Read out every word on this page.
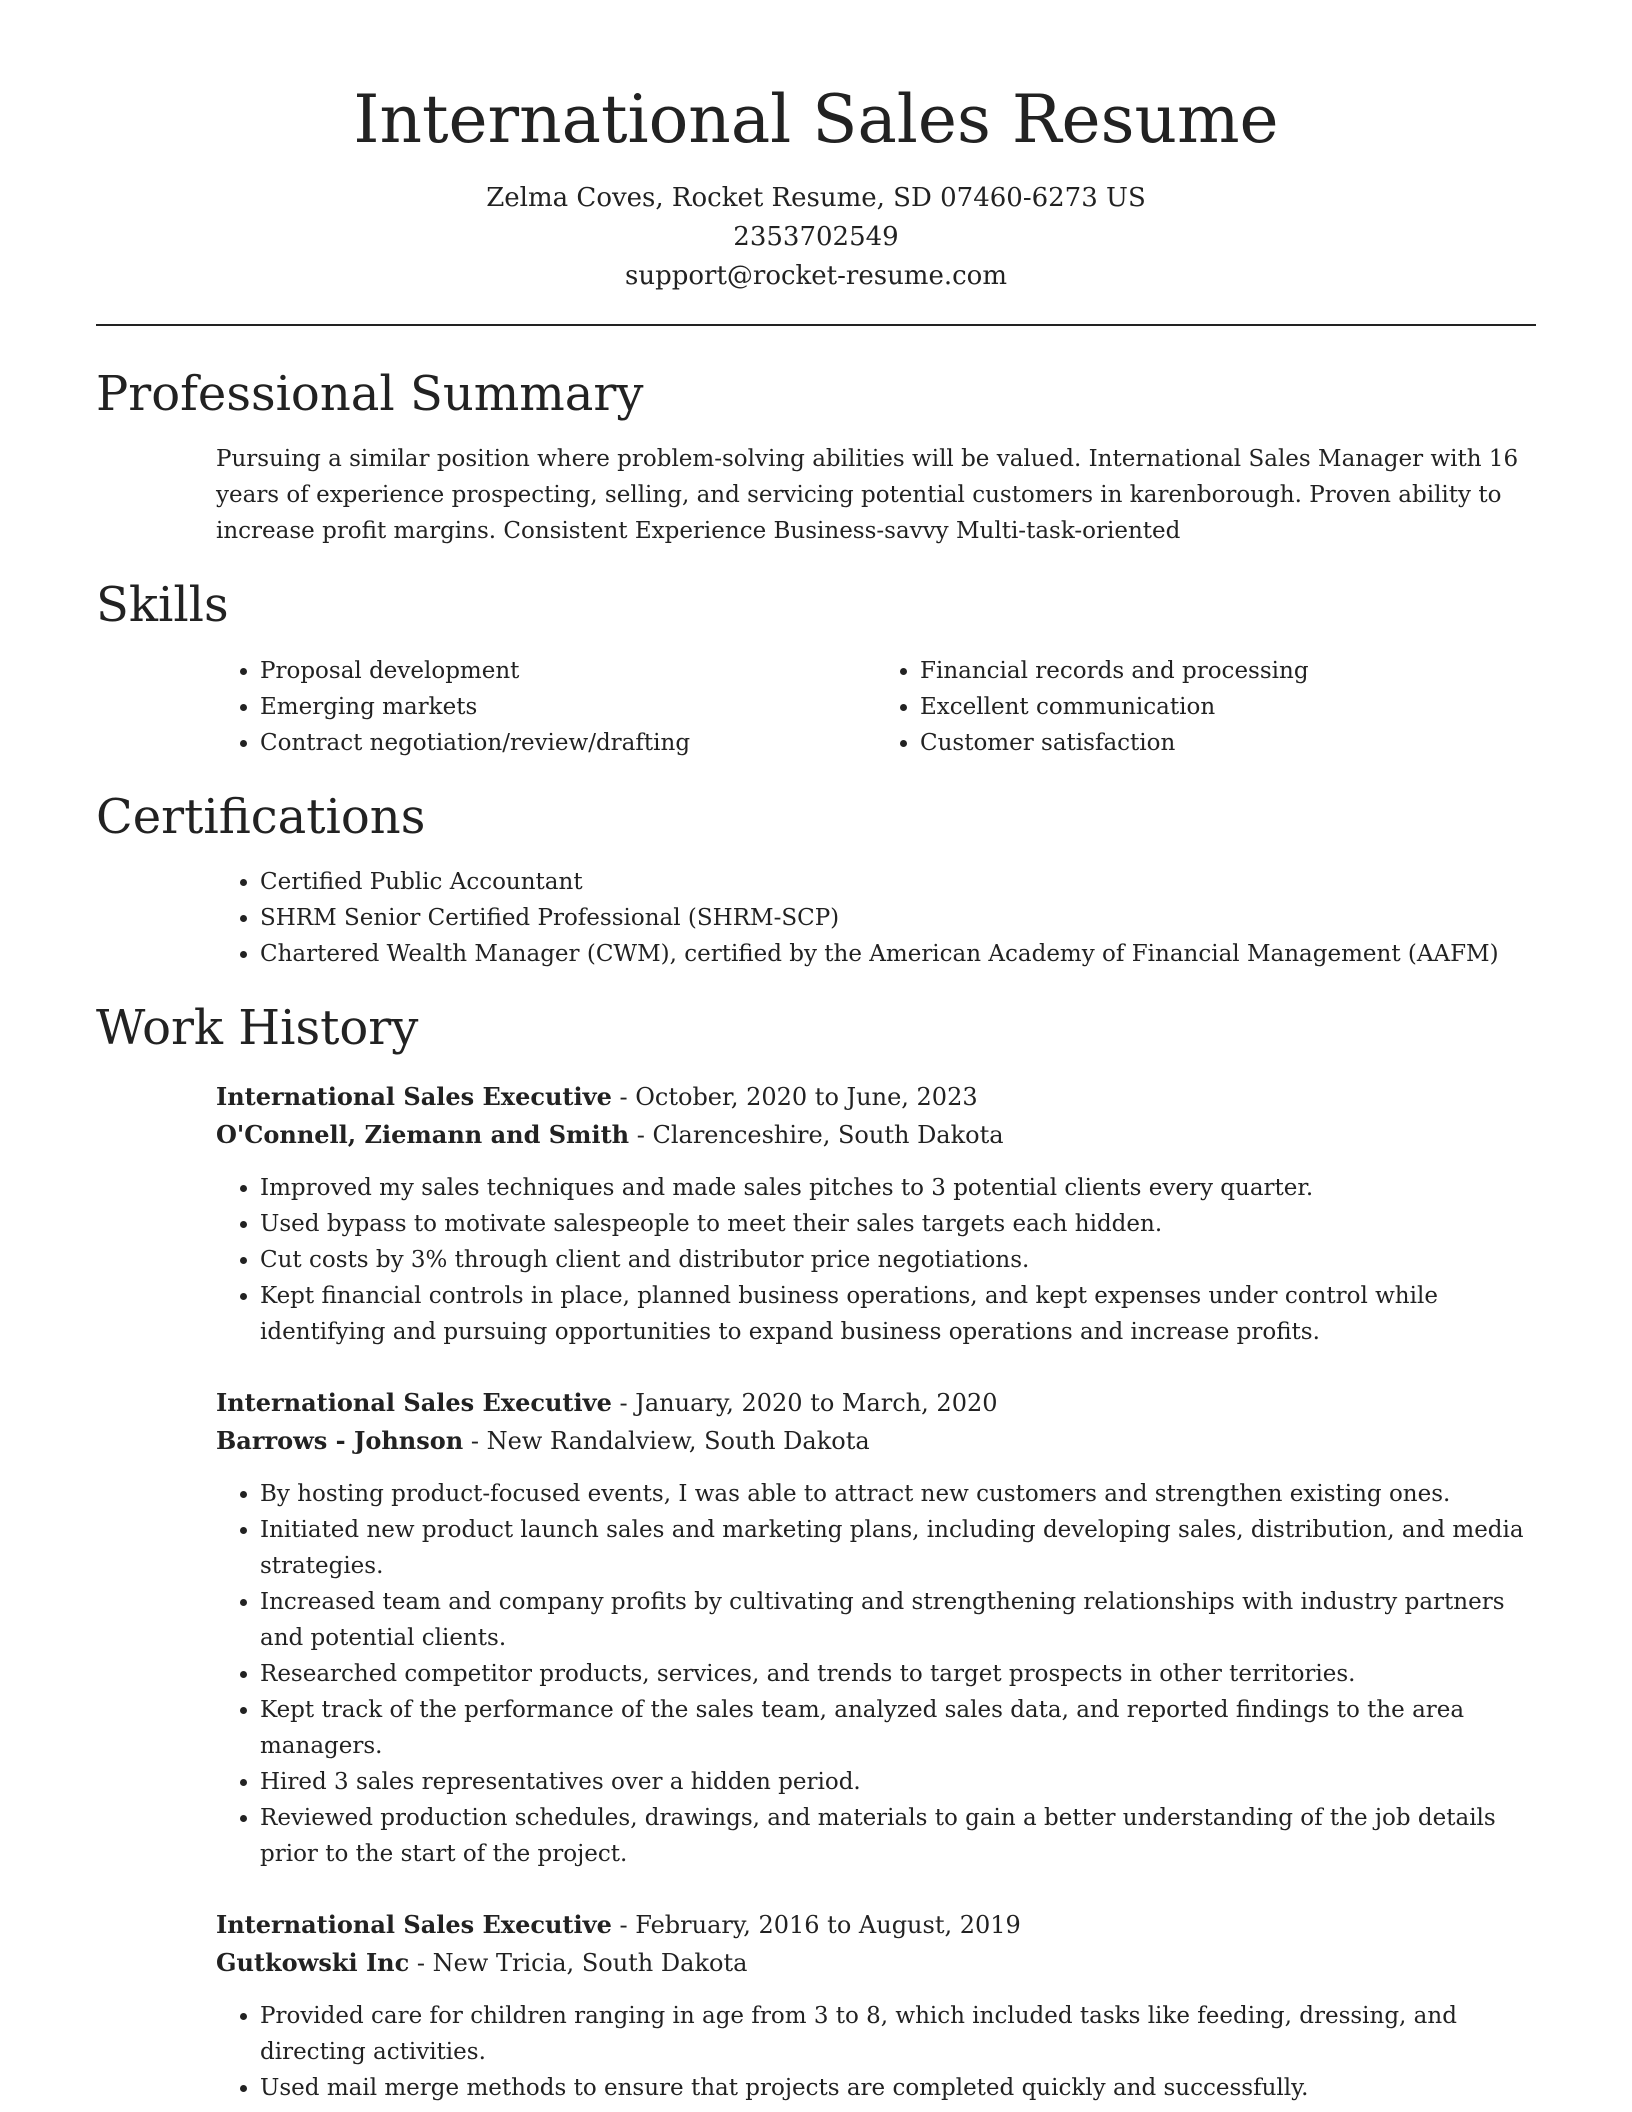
International Sales Resume
Zelma Coves, Rocket Resume, SD 07460-6273 US
2353702549
support@rocket-resume.com
Professional Summary

Pursuing a similar position where problem-solving abilities will be valued. International Sales Manager with 16 years of experience prospecting, selling, and servicing potential customers in karenborough. Proven ability to increase profit margins. Consistent Experience Business-savvy Multi-task-oriented

Skills
• Proposal development
• Emerging markets
• Contract negotiation/review/drafting
• Financial records and processing
• Excellent communication
• Customer satisfaction
Certifications
• Certified Public Accountant
• SHRM Senior Certified Professional (SHRM-SCP)
• Chartered Wealth Manager (CWM), certified by the American Academy of Financial Management (AAFM)
Work History
International Sales Executive - October, 2020 to June, 2023
O'Connell, Ziemann and Smith - Clarenceshire, South Dakota
• Improved my sales techniques and made sales pitches to 3 potential clients every quarter.
• Used bypass to motivate salespeople to meet their sales targets each hidden.
• Cut costs by 3% through client and distributor price negotiations.
• Kept financial controls in place, planned business operations, and kept expenses under control while identifying and pursuing opportunities to expand business operations and increase profits.
International Sales Executive - January, 2020 to March, 2020
Barrows - Johnson - New Randalview, South Dakota
• By hosting product-focused events, I was able to attract new customers and strengthen existing ones.
• Initiated new product launch sales and marketing plans, including developing sales, distribution, and media strategies.
• Increased team and company profits by cultivating and strengthening relationships with industry partners and potential clients.
• Researched competitor products, services, and trends to target prospects in other territories.
• Kept track of the performance of the sales team, analyzed sales data, and reported findings to the area managers.
• Hired 3 sales representatives over a hidden period.
• Reviewed production schedules, drawings, and materials to gain a better understanding of the job details prior to the start of the project.
International Sales Executive - February, 2016 to August, 2019
Gutkowski Inc - New Tricia, South Dakota
• Provided care for children ranging in age from 3 to 8, which included tasks like feeding, dressing, and directing activities.
• Used mail merge methods to ensure that projects are completed quickly and successfully.
